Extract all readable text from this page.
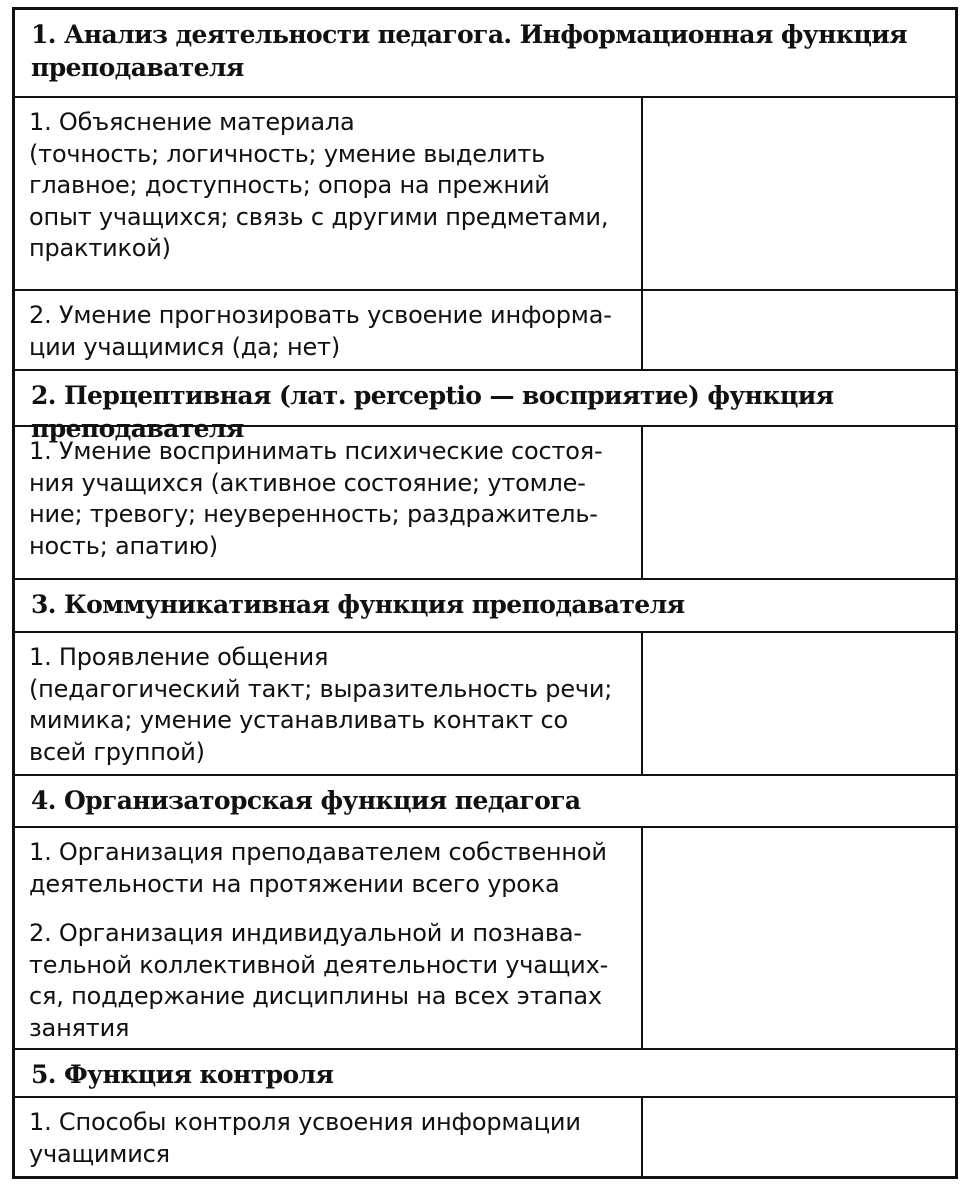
1. Анализ деятельности педагога. Информационная функция
преподавателя
1. Объяснение материала
(точность; логичность; умение выделить
главное; доступность; опора на прежний
опыт учащихся; связь с другими предметами,
практикой)
2. Умение прогнозировать усвоение информа-
ции учащимися (да; нет)
2. Перцептивная (лат. perceptio — восприятие) функция преподавателя
1. Умение воспринимать психические состоя-
ния учащихся (активное состояние; утомле-
ние; тревогу; неуверенность; раздражитель-
ность; апатию)
3. Коммуникативная функция преподавателя
1. Проявление общения
(педагогический такт; выразительность речи;
мимика; умение устанавливать контакт со
всей группой)
4. Организаторская функция педагога
1. Организация преподавателем собственной
деятельности на протяжении всего урока
2. Организация индивидуальной и познава-
тельной коллективной деятельности учащих-
ся, поддержание дисциплины на всех этапах
занятия
5. Функция контроля
1. Способы контроля усвоения информации
учащимися
